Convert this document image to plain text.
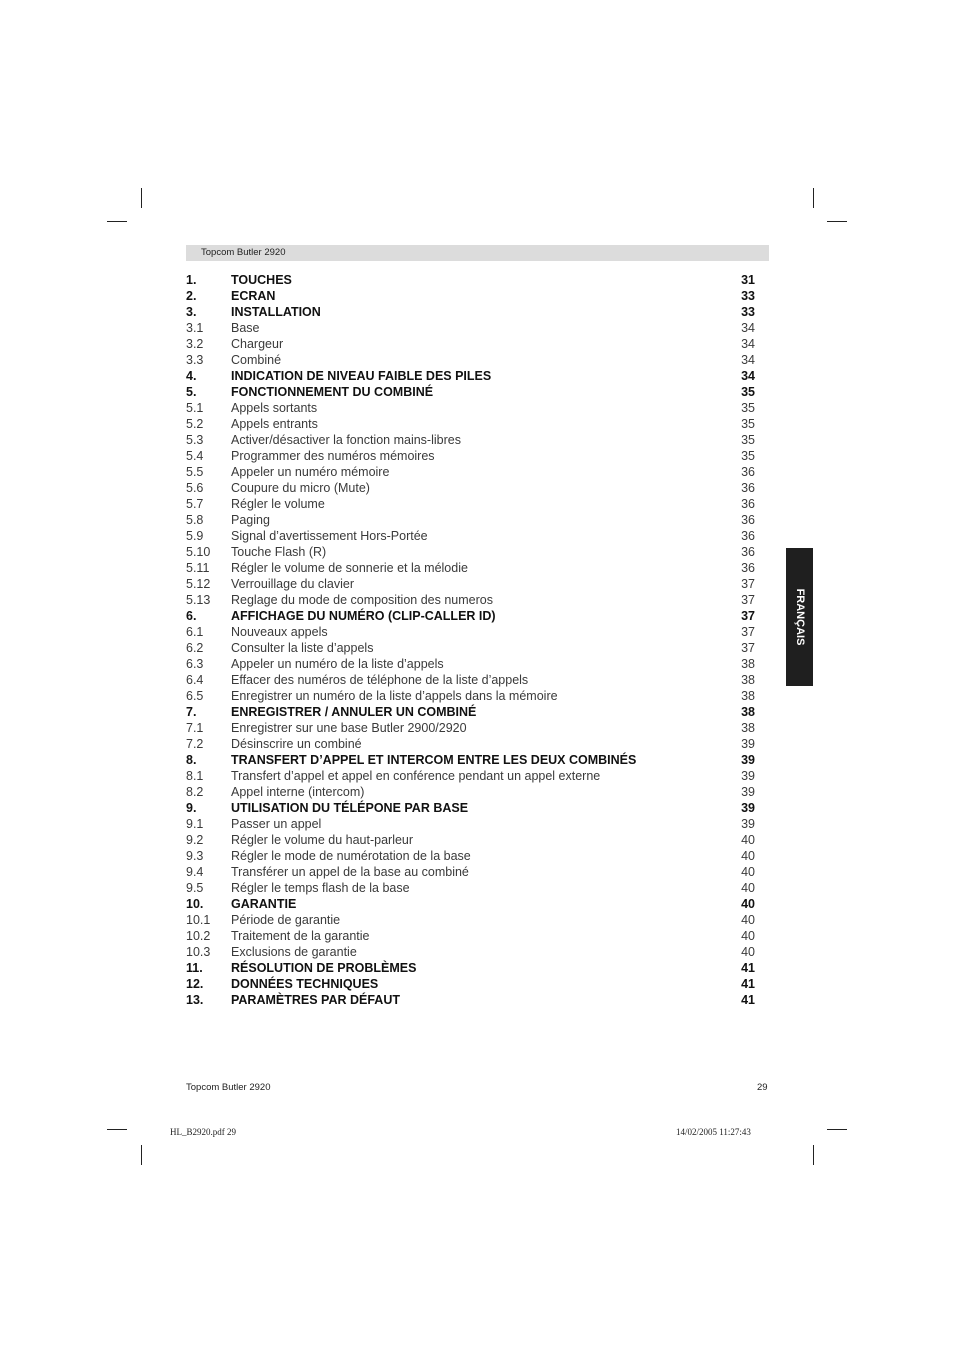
Topcom Butler 2920
1.	TOUCHES	31
2.	ECRAN	33
3.	INSTALLATION	33
3.1 Base	34
3.2 Chargeur	34
3.3 Combiné	34
4.	INDICATION DE NIVEAU FAIBLE DES PILES	34
5.	FONCTIONNEMENT DU COMBINÉ	35
5.1 Appels sortants	35
5.2 Appels entrants	35
5.3 Activer/désactiver la fonction mains-libres	35
5.4 Programmer des numéros mémoires	35
5.5 Appeler un numéro mémoire	36
5.6 Coupure du micro (Mute)	36
5.7 Régler le volume	36
5.8 Paging	36
5.9 Signal d’avertissement Hors-Portée	36
5.10 Touche Flash (R)	36
5.11 Régler le volume de sonnerie et la mélodie	36
5.12 Verrouillage du clavier	37
5.13 Reglage du mode de composition des numeros	37
6.	AFFICHAGE DU NUMÉRO (CLIP-CALLER ID)	37
6.1 Nouveaux appels	37
6.2 Consulter la liste d’appels	37
6.3 Appeler un numéro de la liste d’appels	38
6.4 Effacer des numéros de téléphone de la liste d’appels	38
6.5 Enregistrer un numéro de la liste d’appels dans la mémoire	38
7.	ENREGISTRER / ANNULER UN COMBINÉ	38
7.1 Enregistrer sur une base Butler 2900/2920	38
7.2 Désinscrire un combiné	39
8.	TRANSFERT D’APPEL ET INTERCOM ENTRE LES DEUX COMBINÉS	39
8.1 Transfert d’appel et appel en conférence pendant un appel externe	39
8.2 Appel interne (intercom)	39
9.	UTILISATION DU TÉLÉPONE PAR BASE	39
9.1 Passer un appel	39
9.2 Régler le volume du haut-parleur	40
9.3 Régler le mode de numérotation de la base	40
9.4 Transférer un appel de la base au combiné	40
9.5 Régler le temps flash de la base	40
10. GARANTIE	40
10.1 Période de garantie	40
10.2 Traitement de la garantie	40
10.3 Exclusions de garantie	40
11. RÉSOLUTION DE PROBLÈMES	41
12. DONNÉES TECHNIQUES	41
13. PARAMÈTRES PAR DÉFAUT	41
FRANÇAIS
Topcom Butler 2920	29
HL_B2920.pdf 29	14/02/2005 11:27:43
